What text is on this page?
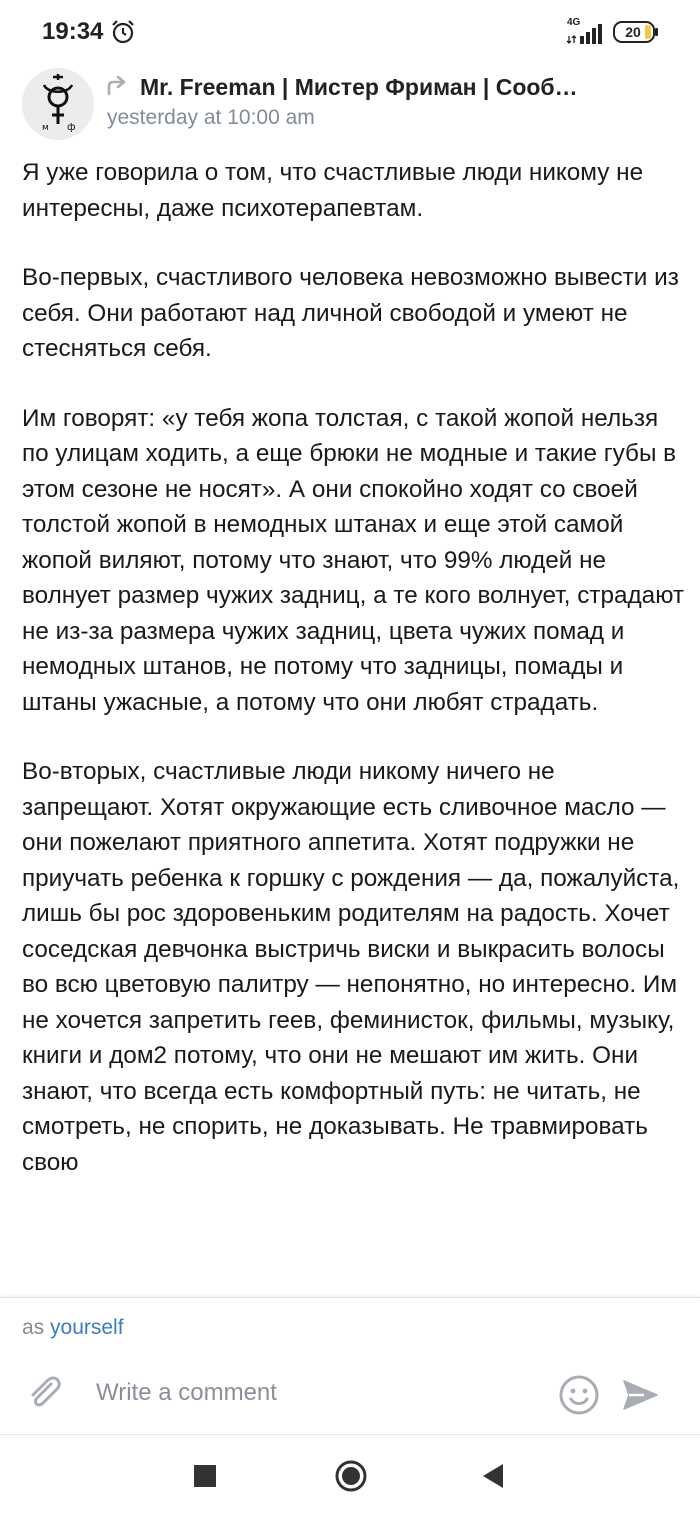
19:34	4G
20
м ф
Mr. Freeman | Мистер Фриман | Сооб…
yesterday at 10:00 am

Я уже говорила о том, что счастливые люди никому не интересны, даже психотерапевтам.

Во-первых, счастливого человека невозможно вывести из себя. Они работают над личной свободой и умеют не стесняться себя.

Им говорят: «у тебя жопа толстая, с такой жопой нельзя по улицам ходить, а еще брюки не модные и такие губы в этом сезоне не носят». А они спокойно ходят со своей толстой жопой в немодных штанах и еще этой самой жопой виляют, потому что знают, что 99% людей не волнует размер чужих задниц, а те кого волнует, страдают не из-за размера чужих задниц, цвета чужих помад и немодных штанов, не потому что задницы, помады и штаны ужасные, а потому что они любят страдать.

Во-вторых, счастливые люди никому ничего не запрещают. Хотят окружающие есть сливочное масло — они пожелают приятного аппетита. Хотят подружки не приучать ребенка к горшку с рождения — да, пожалуйста, лишь бы рос здоровеньким родителям на радость. Хочет соседская девчонка выстричь виски и выкрасить волосы во всю цветовую палитру — непонятно, но интересно. Им не хочется запретить геев, феминисток, фильмы, музыку, книги и дом2 потому, что они не мешают им жить. Они знают, что всегда есть комфортный путь: не читать, не смотреть, не спорить, не доказывать. Не травмировать свою

as yourself
Write a comment
